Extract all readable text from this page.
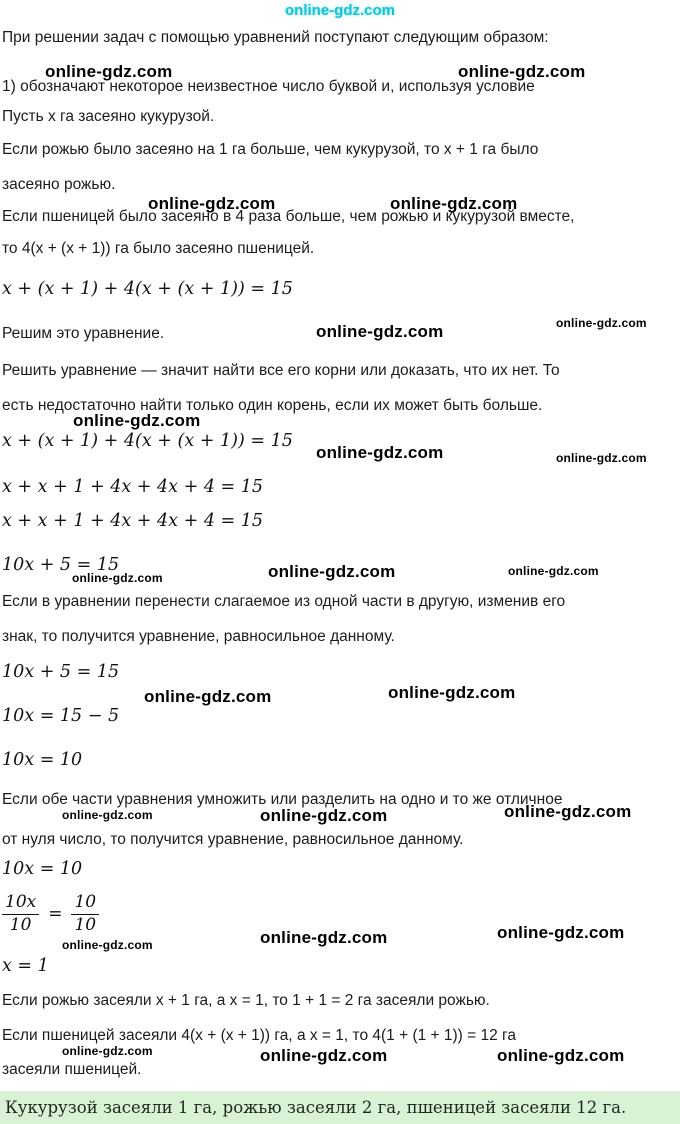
online-gdz.com
online-gdz.com	online-gdz.com
online-gdz.com	online-gdz.com
online-gdz.com	online-gdz.com
online-gdz.com
online-gdz.com	online-gdz.com
online-gdz.com	online-gdz.com	online-gdz.com
online-gdz.com	online-gdz.com
online-gdz.com	online-gdz.com	online-gdz.com
online-gdz.com	online-gdz.com	online-gdz.com
online-gdz.com	online-gdz.com	online-gdz.com
При решении задач с помощью уравнений поступают следующим образом:
1) обозначают некоторое неизвестное число буквой и, используя условие
Пусть x га засеяно кукурузой.
Если рожью было засеяно на 1 га больше, чем кукурузой, то x + 1 га было
засеяно рожью.
Если пшеницей было засеяно в 4 раза больше, чем рожью и кукурузой вместе,
то 4(x + (x + 1)) га было засеяно пшеницей.
x + (x + 1) + 4(x + (x + 1)) = 15
Решим это уравнение.
Решить уравнение — значит найти все его корни или доказать, что их нет. То
есть недостаточно найти только один корень, если их может быть больше.
x + (x + 1) + 4(x + (x + 1)) = 15
x + x + 1 + 4x + 4x + 4 = 15
x + x + 1 + 4x + 4x + 4 = 15
10x + 5 = 15
Если в уравнении перенести слагаемое из одной части в другую, изменив его
знак, то получится уравнение, равносильное данному.
10x + 5 = 15
10x = 15 − 5
10x = 10
Если обе части уравнения умножить или разделить на одно и то же отличное
от нуля число, то получится уравнение, равносильное данному.
10x = 10
$\frac{10x}{10} = \frac{10}{10}$
x = 1
Если рожью засеяли x + 1 га, а x = 1, то 1 + 1 = 2 га засеяли рожью.
Если пшеницей засеяли 4(x + (x + 1)) га, а x = 1, то 4(1 + (1 + 1)) = 12 га
засеяли пшеницей.
Кукурузой засеяли 1 га, рожью засеяли 2 га, пшеницей засеяли 12 га.
